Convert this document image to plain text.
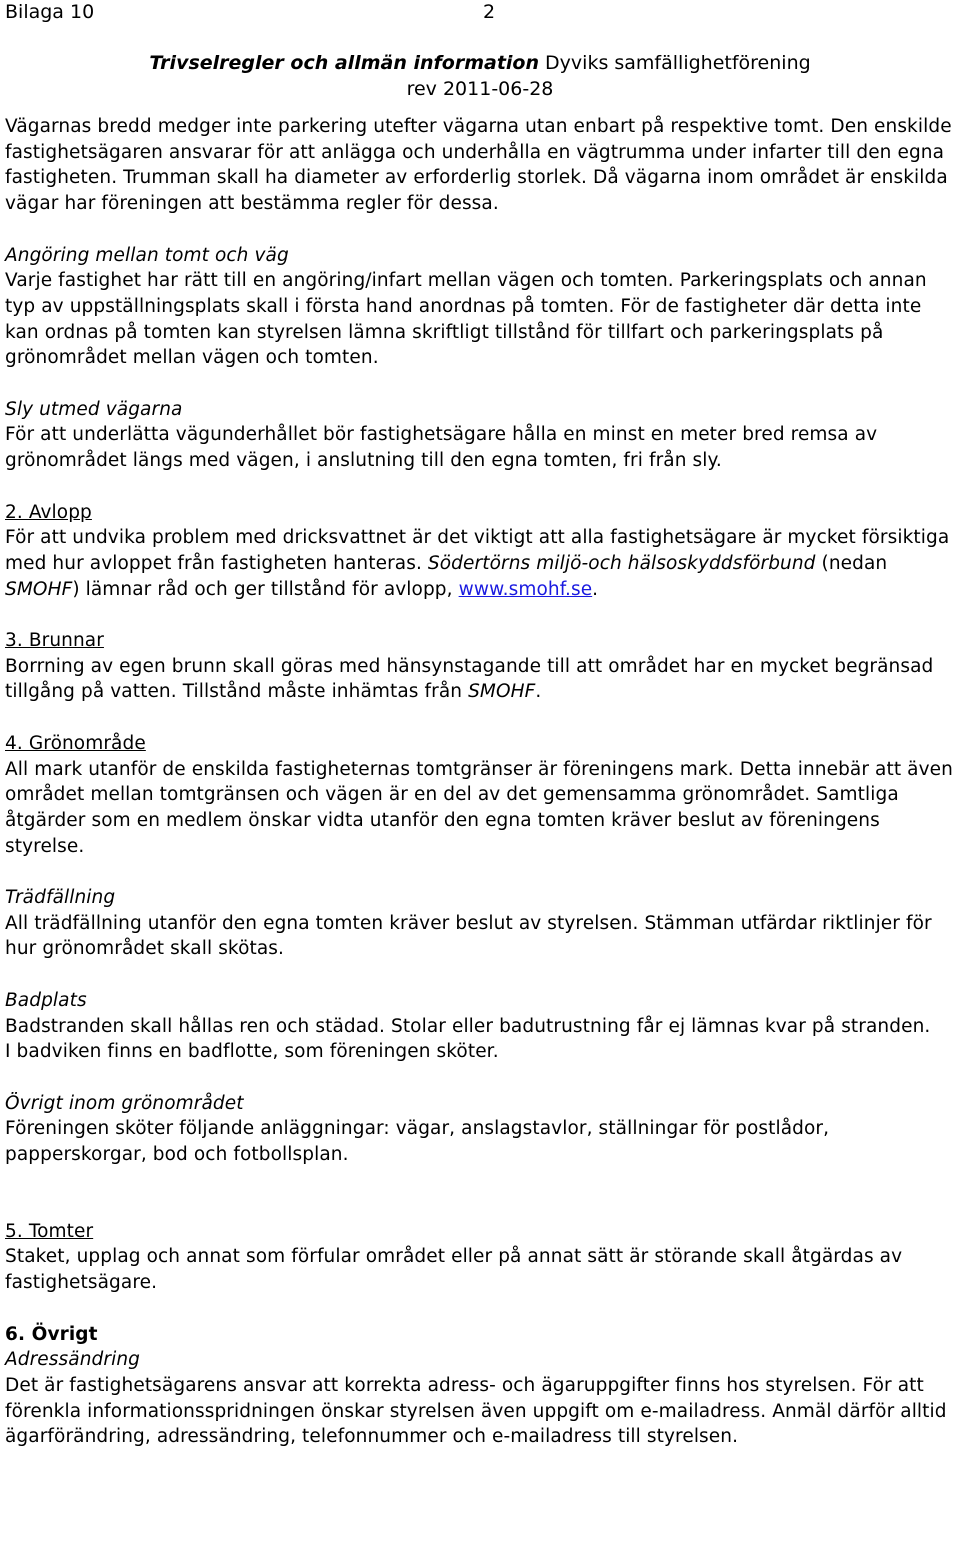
Bilaga 10	2
Trivselregler och allmän information Dyviks samfällighetförening
rev 2011-06-28

Vägarnas bredd medger inte parkering utefter vägarna utan enbart på respektive tomt. Den enskilde fastighetsägaren ansvarar för att anlägga och underhålla en vägtrumma under infarter till den egna fastigheten. Trumman skall ha diameter av erforderlig storlek. Då vägarna inom området är enskilda vägar har föreningen att bestämma regler för dessa.

Angöring mellan tomt och väg

Varje fastighet har rätt till en angöring/infart mellan vägen och tomten. Parkeringsplats och annan typ av uppställningsplats skall i första hand anordnas på tomten. För de fastigheter där detta inte kan ordnas på tomten kan styrelsen lämna skriftligt tillstånd för tillfart och parkeringsplats på grönområdet mellan vägen och tomten.

Sly utmed vägarna

För att underlätta vägunderhållet bör fastighetsägare hålla en minst en meter bred remsa av grönområdet längs med vägen, i anslutning till den egna tomten, fri från sly.

2. Avlopp

För att undvika problem med dricksvattnet är det viktigt att alla fastighetsägare är mycket försiktiga med hur avloppet från fastigheten hanteras. Södertörns miljö-och hälsoskyddsförbund (nedan SMOHF) lämnar råd och ger tillstånd för avlopp, www.smohf.se.

3. Brunnar

Borrning av egen brunn skall göras med hänsynstagande till att området har en mycket begränsad tillgång på vatten. Tillstånd måste inhämtas från SMOHF.

4. Grönområde

All mark utanför de enskilda fastigheternas tomtgränser är föreningens mark. Detta innebär att även området mellan tomtgränsen och vägen är en del av det gemensamma grönområdet. Samtliga åtgärder som en medlem önskar vidta utanför den egna tomten kräver beslut av föreningens styrelse.

Trädfällning

All trädfällning utanför den egna tomten kräver beslut av styrelsen. Stämman utfärdar riktlinjer för hur grönområdet skall skötas.

Badplats

Badstranden skall hållas ren och städad. Stolar eller badutrustning får ej lämnas kvar på stranden.

I badviken finns en badflotte, som föreningen sköter.

Övrigt inom grönområdet

Föreningen sköter följande anläggningar: vägar, anslagstavlor, ställningar för postlådor, papperskorgar, bod och fotbollsplan.

5. Tomter

Staket, upplag och annat som förfular området eller på annat sätt är störande skall åtgärdas av fastighetsägare.

6. Övrigt

Adressändring

Det är fastighetsägarens ansvar att korrekta adress- och ägaruppgifter finns hos styrelsen. För att förenkla informationsspridningen önskar styrelsen även uppgift om e-mailadress. Anmäl därför alltid ägarförändring, adressändring, telefonnummer och e-mailadress till styrelsen.
